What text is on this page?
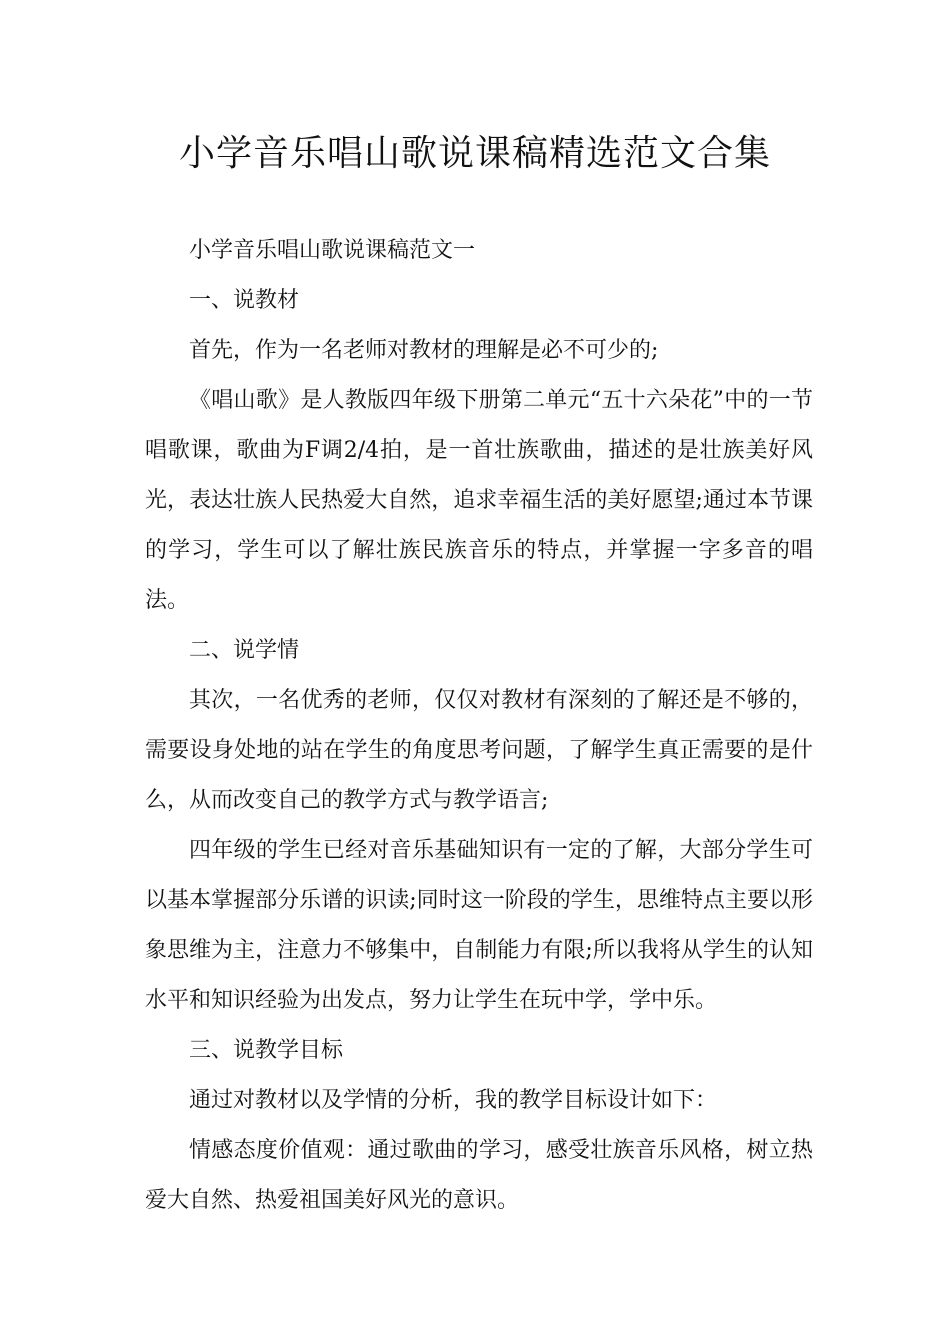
小学音乐唱山歌说课稿精选范文合集

小学音乐唱山歌说课稿范文一

一、说教材

首先，作为一名老师对教材的理解是必不可少的;

《唱山歌》是人教版四年级下册第二单元“五十六朵花”中的一节唱歌课，歌曲为F调2/4拍，是一首壮族歌曲，描述的是壮族美好风光，表达壮族人民热爱大自然，追求幸福生活的美好愿望;通过本节课的学习，学生可以了解壮族民族音乐的特点，并掌握一字多音的唱法。

二、说学情

其次，一名优秀的老师，仅仅对教材有深刻的了解还是不够的，需要设身处地的站在学生的角度思考问题，了解学生真正需要的是什么，从而改变自己的教学方式与教学语言;

四年级的学生已经对音乐基础知识有一定的了解，大部分学生可以基本掌握部分乐谱的识读;同时这一阶段的学生，思维特点主要以形象思维为主，注意力不够集中，自制能力有限;所以我将从学生的认知水平和知识经验为出发点，努力让学生在玩中学，学中乐。

三、说教学目标

通过对教材以及学情的分析，我的教学目标设计如下：

情感态度价值观：通过歌曲的学习，感受壮族音乐风格，树立热爱大自然、热爱祖国美好风光的意识。
